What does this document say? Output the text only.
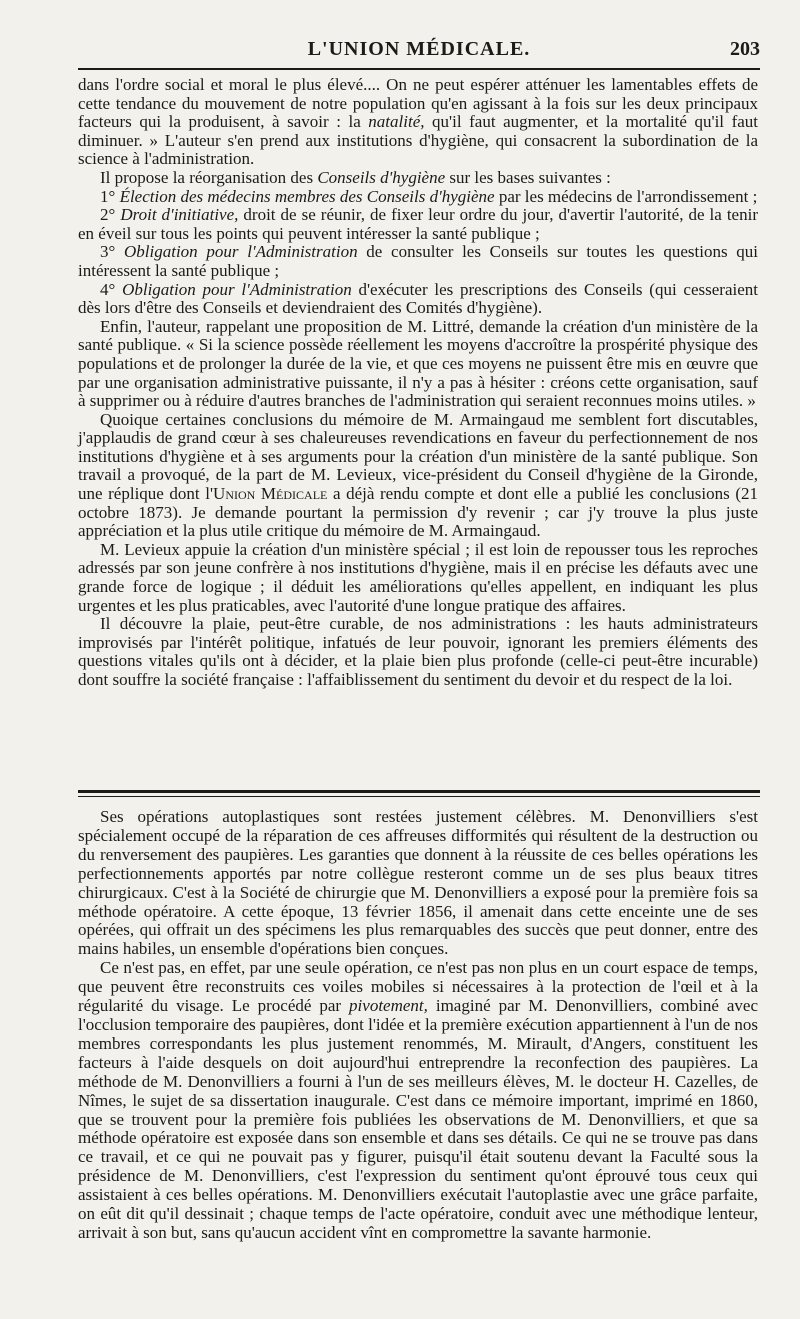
L'UNION MÉDICALE.	203

dans l'ordre social et moral le plus élevé.... On ne peut espérer atténuer les lamentables effets de cette tendance du mouvement de notre population qu'en agissant à la fois sur les deux principaux facteurs qui la produisent, à savoir : la natalité, qu'il faut augmenter, et la mortalité qu'il faut diminuer. » L'auteur s'en prend aux institutions d'hygiène, qui consacrent la subordination de la science à l'administration.

Il propose la réorganisation des Conseils d'hygiène sur les bases suivantes :

1° Élection des médecins membres des Conseils d'hygiène par les médecins de l'arrondissement ;

2° Droit d'initiative, droit de se réunir, de fixer leur ordre du jour, d'avertir l'autorité, de la tenir en éveil sur tous les points qui peuvent intéresser la santé publique ;

3° Obligation pour l'Administration de consulter les Conseils sur toutes les questions qui intéressent la santé publique ;

4° Obligation pour l'Administration d'exécuter les prescriptions des Conseils (qui cesseraient dès lors d'être des Conseils et deviendraient des Comités d'hygiène).

Enfin, l'auteur, rappelant une proposition de M. Littré, demande la création d'un ministère de la santé publique. « Si la science possède réellement les moyens d'accroître la prospérité physique des populations et de prolonger la durée de la vie, et que ces moyens ne puissent être mis en œuvre que par une organisation administrative puissante, il n'y a pas à hésiter : créons cette organisation, sauf à supprimer ou à réduire d'autres branches de l'administration qui seraient reconnues moins utiles. »

Quoique certaines conclusions du mémoire de M. Armaingaud me semblent fort discutables, j'applaudis de grand cœur à ses chaleureuses revendications en faveur du perfectionnement de nos institutions d'hygiène et à ses arguments pour la création d'un ministère de la santé publique. Son travail a provoqué, de la part de M. Levieux, vice-président du Conseil d'hygiène de la Gironde, une réplique dont l'Union Médicale a déjà rendu compte et dont elle a publié les conclusions (21 octobre 1873). Je demande pourtant la permission d'y revenir ; car j'y trouve la plus juste appréciation et la plus utile critique du mémoire de M. Armaingaud.

M. Levieux appuie la création d'un ministère spécial ; il est loin de repousser tous les reproches adressés par son jeune confrère à nos institutions d'hygiène, mais il en précise les défauts avec une grande force de logique ; il déduit les améliorations qu'elles appellent, en indiquant les plus urgentes et les plus praticables, avec l'autorité d'une longue pratique des affaires.

Il découvre la plaie, peut-être curable, de nos administrations : les hauts administrateurs improvisés par l'intérêt politique, infatués de leur pouvoir, ignorant les premiers éléments des questions vitales qu'ils ont à décider, et la plaie bien plus profonde (celle-ci peut-être incurable) dont souffre la société française : l'affaiblissement du sentiment du devoir et du respect de la loi.

Ses opérations autoplastiques sont restées justement célèbres. M. Denonvilliers s'est spécialement occupé de la réparation de ces affreuses difformités qui résultent de la destruction ou du renversement des paupières. Les garanties que donnent à la réussite de ces belles opérations les perfectionnements apportés par notre collègue resteront comme un de ses plus beaux titres chirurgicaux. C'est à la Société de chirurgie que M. Denonvilliers a exposé pour la première fois sa méthode opératoire. A cette époque, 13 février 1856, il amenait dans cette enceinte une de ses opérées, qui offrait un des spécimens les plus remarquables des succès que peut donner, entre des mains habiles, un ensemble d'opérations bien conçues.

Ce n'est pas, en effet, par une seule opération, ce n'est pas non plus en un court espace de temps, que peuvent être reconstruits ces voiles mobiles si nécessaires à la protection de l'œil et à la régularité du visage. Le procédé par pivotement, imaginé par M. Denonvilliers, combiné avec l'occlusion temporaire des paupières, dont l'idée et la première exécution appartiennent à l'un de nos membres correspondants les plus justement renommés, M. Mirault, d'Angers, constituent les facteurs à l'aide desquels on doit aujourd'hui entreprendre la reconfection des paupières. La méthode de M. Denonvilliers a fourni à l'un de ses meilleurs élèves, M. le docteur H. Cazelles, de Nîmes, le sujet de sa dissertation inaugurale. C'est dans ce mémoire important, imprimé en 1860, que se trouvent pour la première fois publiées les observations de M. Denonvilliers, et que sa méthode opératoire est exposée dans son ensemble et dans ses détails. Ce qui ne se trouve pas dans ce travail, et ce qui ne pouvait pas y figurer, puisqu'il était soutenu devant la Faculté sous la présidence de M. Denonvilliers, c'est l'expression du sentiment qu'ont éprouvé tous ceux qui assistaient à ces belles opérations. M. Denonvilliers exécutait l'autoplastie avec une grâce parfaite, on eût dit qu'il dessinait ; chaque temps de l'acte opératoire, conduit avec une méthodique lenteur, arrivait à son but, sans qu'aucun accident vînt en compromettre la savante harmonie.
